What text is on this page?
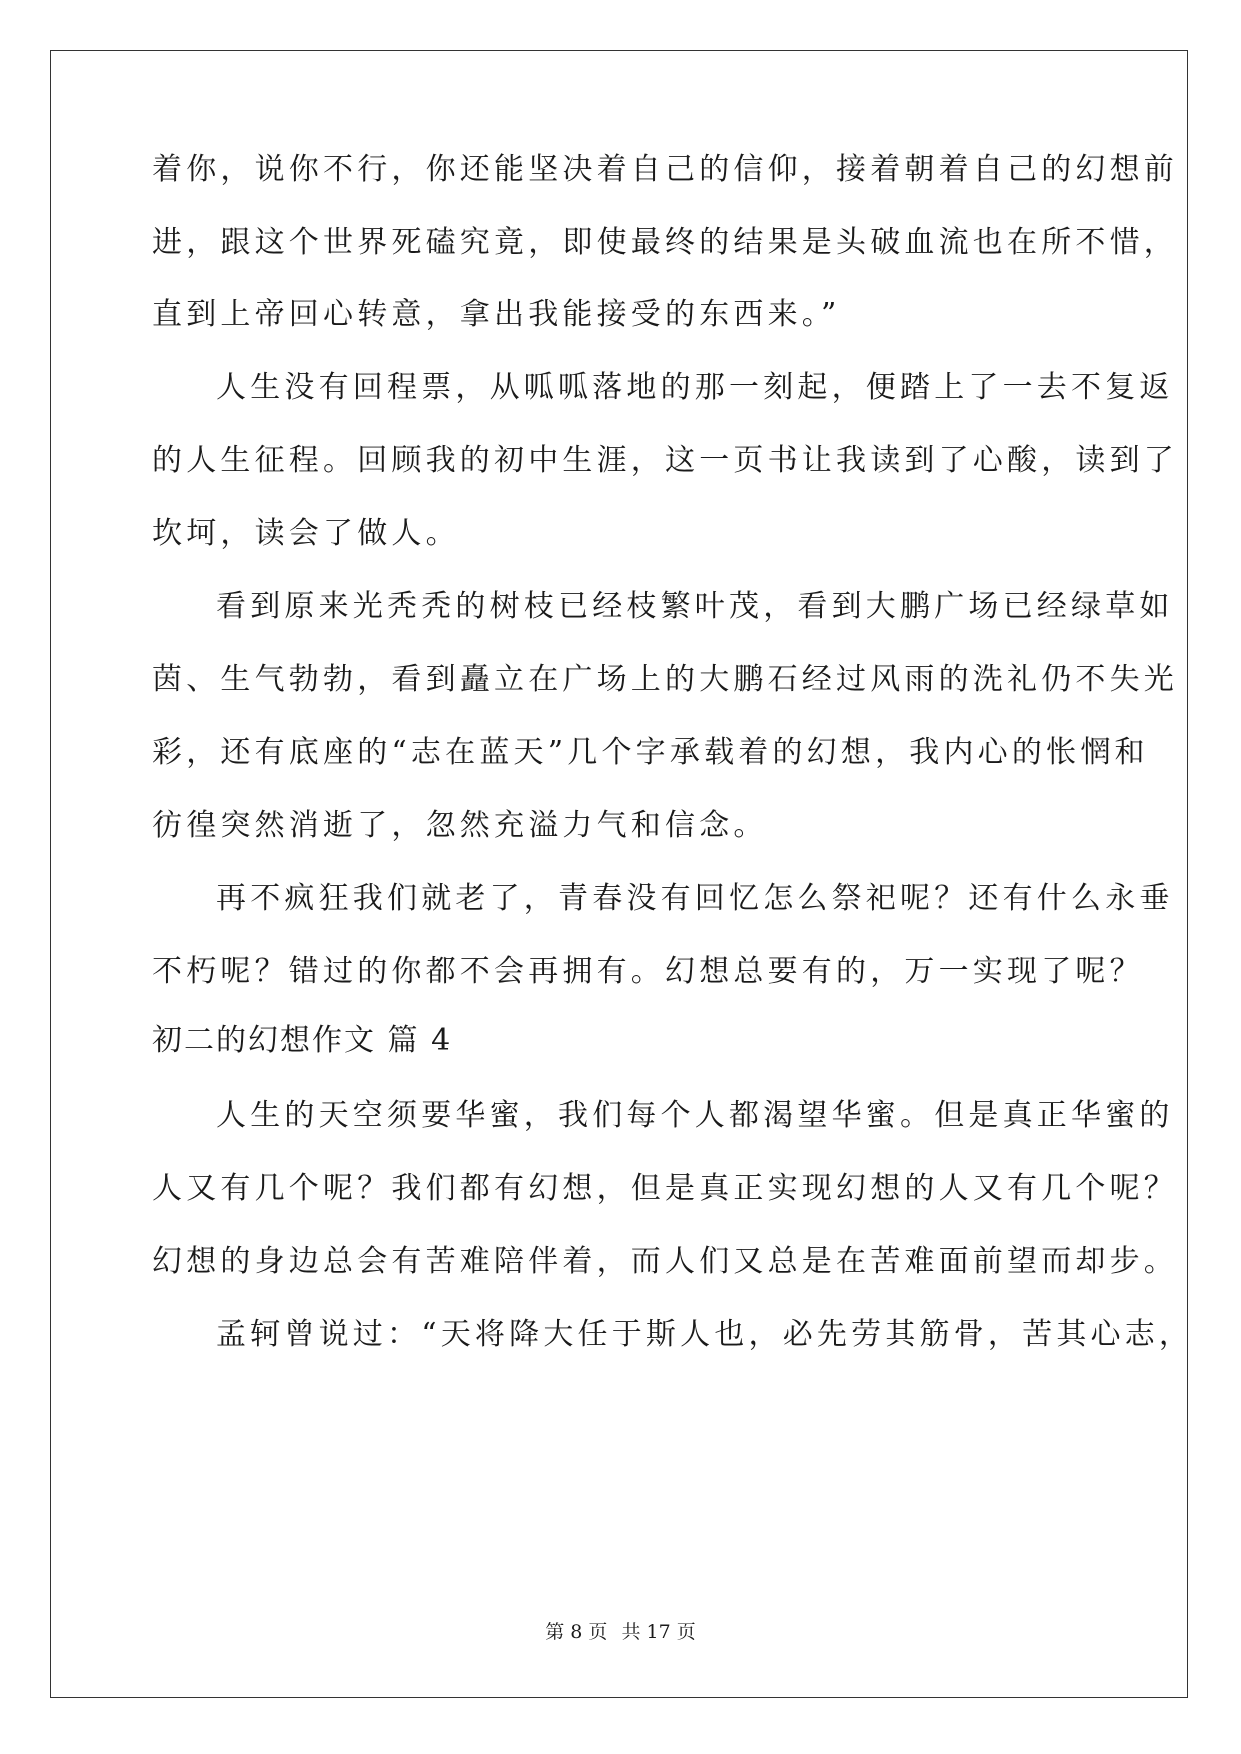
着你，说你不行，你还能坚决着自己的信仰，接着朝着自己的幻想前
进，跟这个世界死磕究竟，即使最终的结果是头破血流也在所不惜，
直到上帝回心转意，拿出我能接受的东西来。”
人生没有回程票，从呱呱落地的那一刻起，便踏上了一去不复返
的人生征程。回顾我的初中生涯，这一页书让我读到了心酸，读到了
坎坷，读会了做人。
看到原来光秃秃的树枝已经枝繁叶茂，看到大鹏广场已经绿草如
茵、生气勃勃，看到矗立在广场上的大鹏石经过风雨的洗礼仍不失光
彩，还有底座的“志在蓝天”几个字承载着的幻想，我内心的怅惘和
彷徨突然消逝了，忽然充溢力气和信念。
再不疯狂我们就老了，青春没有回忆怎么祭祀呢？还有什么永垂
不朽呢？错过的你都不会再拥有。幻想总要有的，万一实现了呢？
初二的幻想作文 篇 4
人生的天空须要华蜜，我们每个人都渴望华蜜。但是真正华蜜的
人又有几个呢？我们都有幻想，但是真正实现幻想的人又有几个呢？
幻想的身边总会有苦难陪伴着，而人们又总是在苦难面前望而却步。
孟轲曾说过：“天将降大任于斯人也，必先劳其筋骨，苦其心志，
第 8 页 共 17 页
